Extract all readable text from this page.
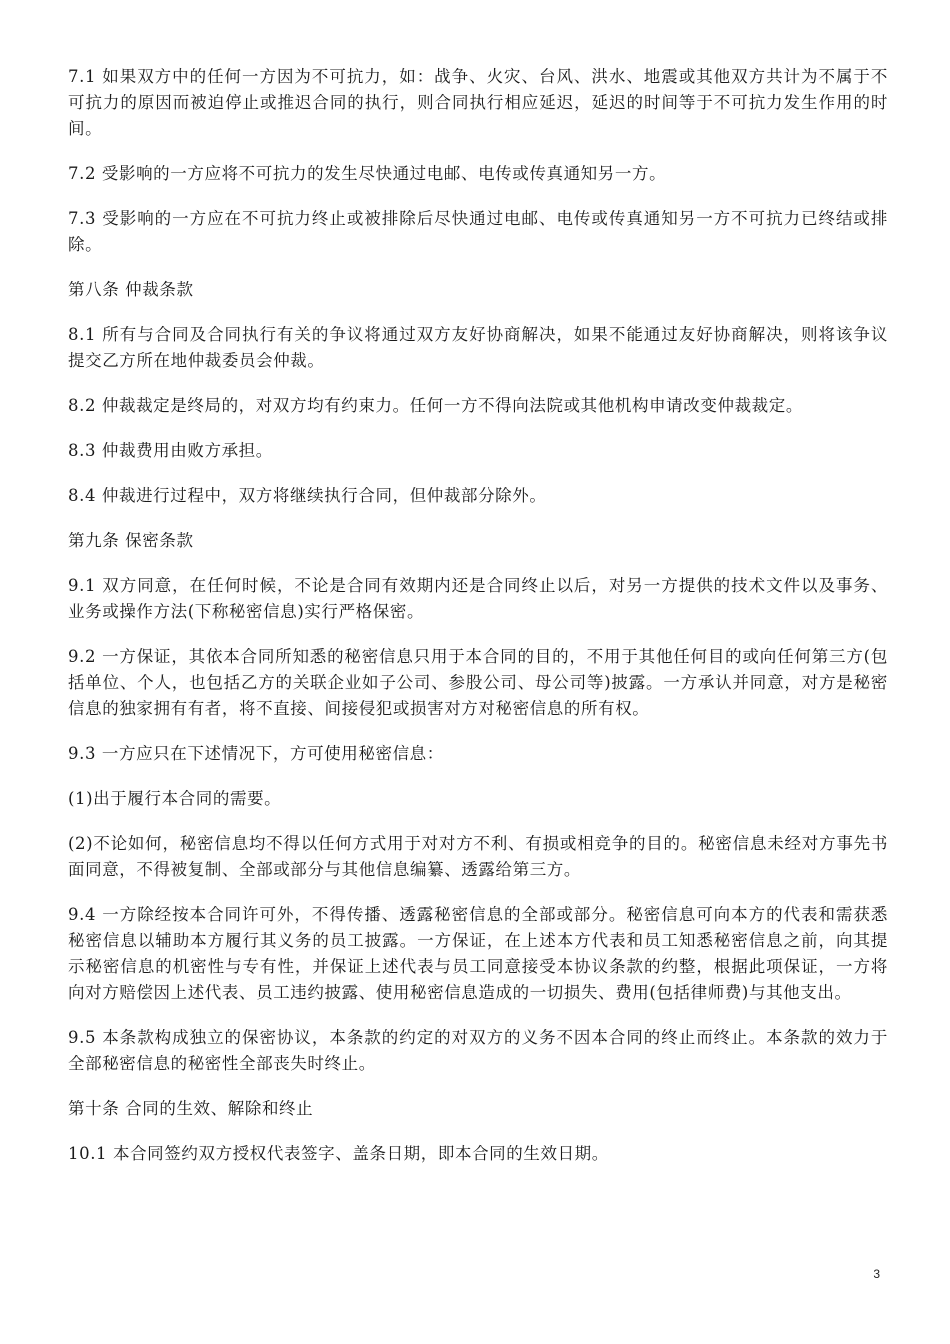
7.1 如果双方中的任何一方因为不可抗力，如：战争、火灾、台风、洪水、地震或其他双方共计为不属于不可抗力的原因而被迫停止或推迟合同的执行，则合同执行相应延迟，延迟的时间等于不可抗力发生作用的时间。

7.2 受影响的一方应将不可抗力的发生尽快通过电邮、电传或传真通知另一方。

7.3 受影响的一方应在不可抗力终止或被排除后尽快通过电邮、电传或传真通知另一方不可抗力已终结或排除。

第八条 仲裁条款

8.1 所有与合同及合同执行有关的争议将通过双方友好协商解决，如果不能通过友好协商解决，则将该争议提交乙方所在地仲裁委员会仲裁。

8.2 仲裁裁定是终局的，对双方均有约束力。任何一方不得向法院或其他机构申请改变仲裁裁定。

8.3 仲裁费用由败方承担。

8.4 仲裁进行过程中，双方将继续执行合同，但仲裁部分除外。

第九条 保密条款

9.1 双方同意，在任何时候，不论是合同有效期内还是合同终止以后，对另一方提供的技术文件以及事务、业务或操作方法(下称秘密信息)实行严格保密。

9.2 一方保证，其依本合同所知悉的秘密信息只用于本合同的目的，不用于其他任何目的或向任何第三方(包括单位、个人，也包括乙方的关联企业如子公司、参股公司、母公司等)披露。一方承认并同意，对方是秘密信息的独家拥有有者，将不直接、间接侵犯或损害对方对秘密信息的所有权。

9.3 一方应只在下述情况下，方可使用秘密信息：

(1)出于履行本合同的需要。

(2)不论如何，秘密信息均不得以任何方式用于对对方不利、有损或相竞争的目的。秘密信息未经对方事先书面同意，不得被复制、全部或部分与其他信息编纂、透露给第三方。

9.4 一方除经按本合同许可外，不得传播、透露秘密信息的全部或部分。秘密信息可向本方的代表和需获悉秘密信息以辅助本方履行其义务的员工披露。一方保证，在上述本方代表和员工知悉秘密信息之前，向其提示秘密信息的机密性与专有性，并保证上述代表与员工同意接受本协议条款的约整，根据此项保证，一方将向对方赔偿因上述代表、员工违约披露、使用秘密信息造成的一切损失、费用(包括律师费)与其他支出。

9.5 本条款构成独立的保密协议，本条款的约定的对双方的义务不因本合同的终止而终止。本条款的效力于全部秘密信息的秘密性全部丧失时终止。

第十条 合同的生效、解除和终止

10.1 本合同签约双方授权代表签字、盖条日期，即本合同的生效日期。

3
